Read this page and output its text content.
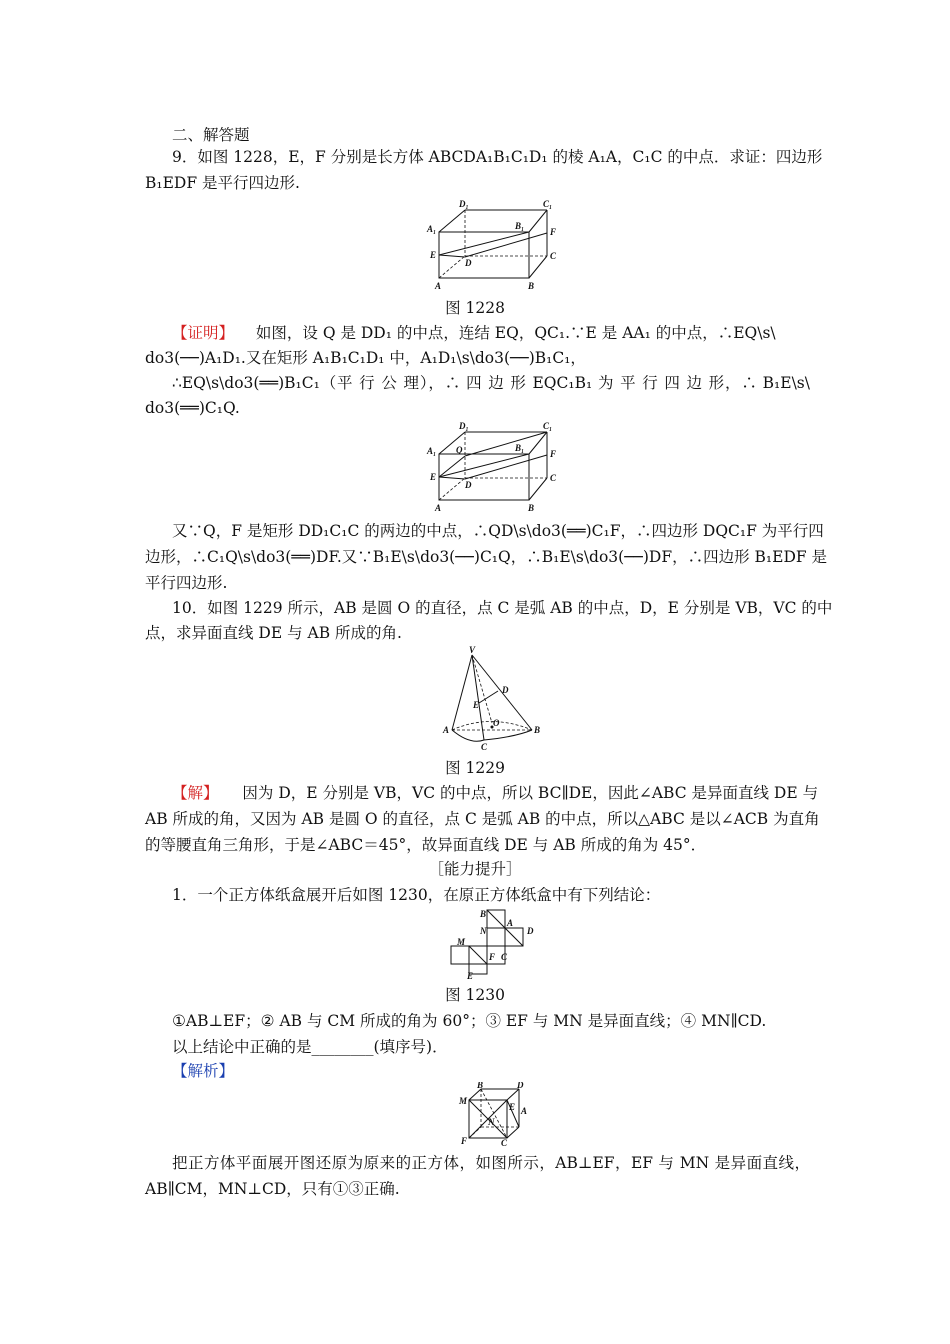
二、解答题
9．如图 1228，E，F 分别是长方体 ABCDA₁B₁C₁D₁ 的棱 A₁A，C₁C 的中点．求证：四边形
B₁EDF 是平行四边形.
D₁	C₁
A₁	B₁
F
E
D
C
A	B
图 1228
【证明】 如图，设 Q 是 DD₁ 的中点，连结 EQ，QC₁.∵E 是 AA₁ 的中点，∴EQ\s\
do3(──)A₁D₁.又在矩形 A₁B₁C₁D₁ 中，A₁D₁\s\do3(──)B₁C₁，
∴EQ\s\do3(══)B₁C₁（平 行 公 理），∴ 四 边 形 EQC₁B₁ 为 平 行 四 边 形，∴ B₁E\s\
do3(══)C₁Q.
D₁	C₁
A₁ Q	B₁
F
E
D
C
A	B
又∵Q，F 是矩形 DD₁C₁C 的两边的中点，∴QD\s\do3(══)C₁F，∴四边形 DQC₁F 为平行四
边形，∴C₁Q\s\do3(══)DF.又∵B₁E\s\do3(──)C₁Q，∴B₁E\s\do3(──)DF，∴四边形 B₁EDF 是
平行四边形.
10．如图 1229 所示，AB 是圆 O 的直径，点 C 是弧 AB 的中点，D，E 分别是 VB，VC 的中
点，求异面直线 DE 与 AB 所成的角.
V
D
E
O
A	B
C
图 1229
【解】 因为 D，E 分别是 VB，VC 的中点，所以 BC∥DE，因此∠ABC 是异面直线 DE 与
AB 所成的角，又因为 AB 是圆 O 的直径，点 C 是弧 AB 的中点，所以△ABC 是以∠ACB 为直角
的等腰直角三角形，于是∠ABC＝45°，故异面直线 DE 与 AB 所成的角为 45°．
［能力提升］
1．一个正方体纸盒展开后如图 1230，在原正方体纸盒中有下列结论：
B
N
A
D
M
F C
E
图 1230
①AB⊥EF；② AB 与 CM 所成的角为 60°；③ EF 与 MN 是异面直线；④ MN∥CD.
以上结论中正确的是________(填序号)．
【解析】
B	D
M
E
N
A
F	C
把正方体平面展开图还原为原来的正方体，如图所示，AB⊥EF，EF 与 MN 是异面直线，
AB∥CM，MN⊥CD，只有①③正确.
